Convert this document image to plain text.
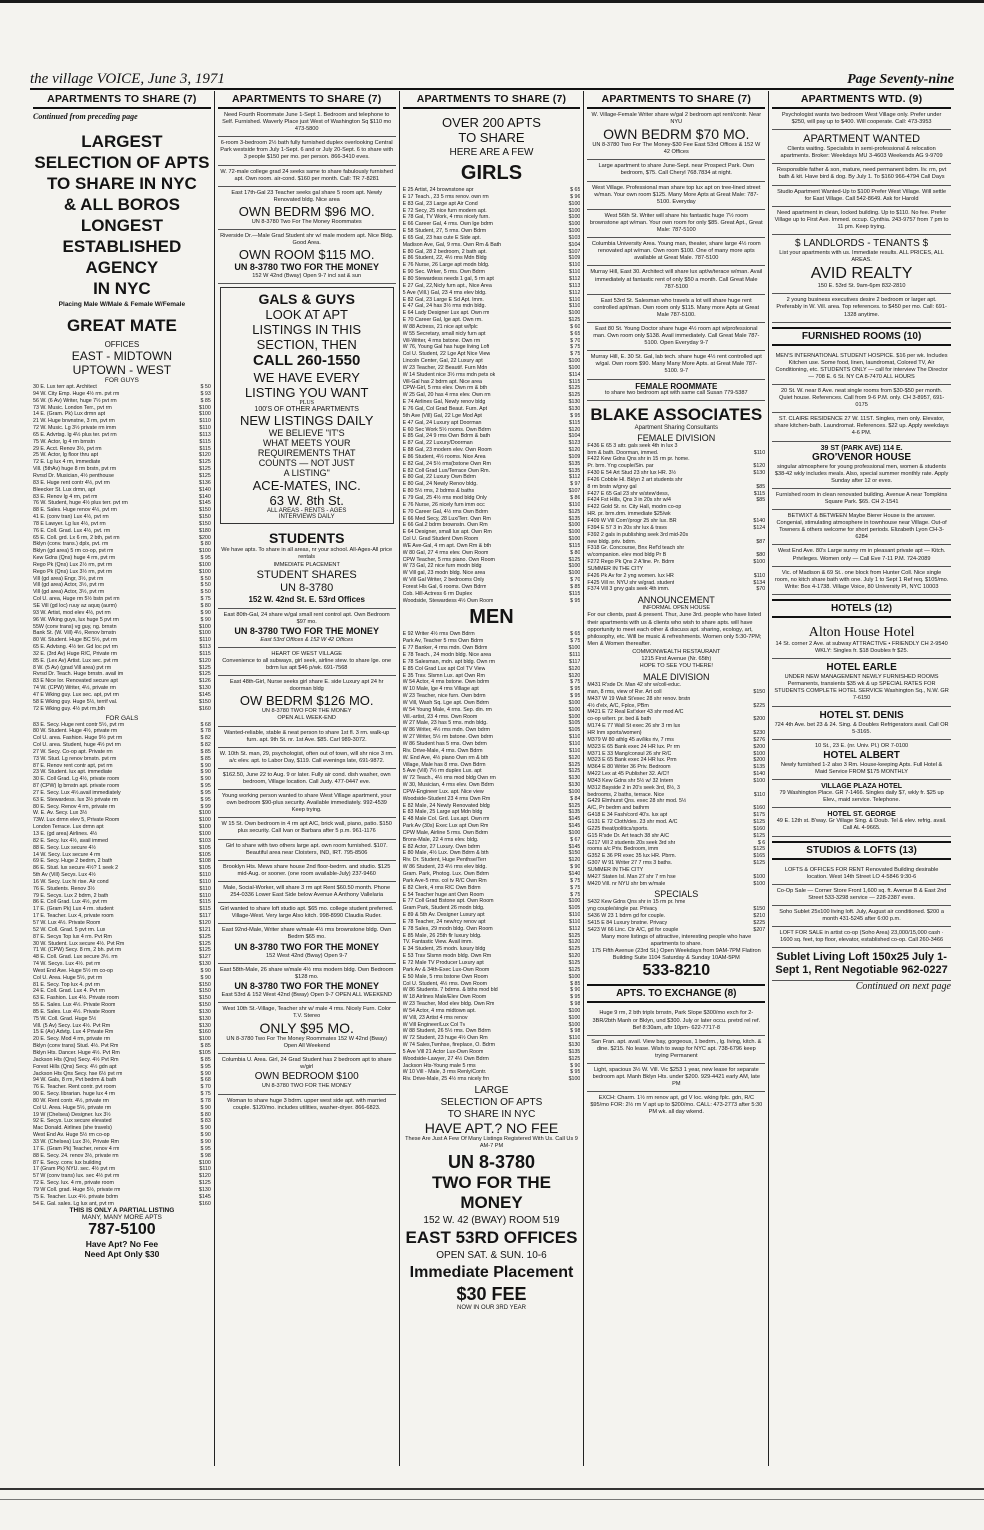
the village VOICE, June 3, 1971	Page Seventy-nine
APARTMENTS TO SHARE (7)
Continued from preceding page
LARGEST
SELECTION OF APTS
TO SHARE IN NYC
& ALL BOROS
LONGEST
ESTABLISHED AGENCY
IN NYC
Placing Male W/Male & Female W/Female
GREAT MATE
OFFICES
EAST - MIDTOWN
UPTOWN - WEST
FOR GUYS
30 E. Lux terr apt. Architect	$ 50
94 W. City Emp. Huge 4½ rm. pvt rm	$ 93
56 W. (6 Av) Writer, huge 7½ pvt rm	$ 85
73 W. Music. London Terr., pvt rm	$100
14 E. (Gram. Pk) Lux drmn apt	$100
21 W. Huge brwnstne, 3 rm, pvt rm	$110
72 W. Music. Lg 3½ private rm imm	$110
65 E. Advrtsg. lg 4½ plus ter. pvt rm	$113
75 W. Actor, lg 4 rm brnstn	$115
29 E. Acct. Renov 3½, pvt rm	$115
25 W. Actor, lg floor thru apt	$120
72 E. Lg lux 4 rm, immediate	$125
Vill. (5thAv) huge 8 rm brstn, pvt rm	$125
Rvrsd Dr. Musician, 4½ penthouse	$125
83 E. Huge rent contr 4½, pvt rm	$136
Bleecker St. Lux drmn, apt	$140
83 E. Renov lg 4 rm, pvt rm	$140
76 W. Student, huge 4½ plus terr. pvt rm	$145
88 E. Sales. Huge renov 4½, pvt rm	$150
41 E. (conv tran) Lux 4½, pvt rm	$150
78 E Lawyer. Lg lux 4½, pvt rm	$150
76 E. Coll. Grad. Lux 4½, pvt. rm	$180
65 E. Coll. grd. Lx 6 rm, 2 bth, pvt rm	$200
Bklyn (conv. trans.) dplx, pvt. rm	$ 80
Bklyn (gd area) 5 rm co-op, pvt rm	$100
Kew Gdns (Qns) huge 4 rm, pvt rm	$ 95
Rego Pk (Qns) Lux 2½ rm, pvt rm	$100
Rego Pk (Qns) Lux 3½ rm, pvt rm	$100
Vill (gd area) Engr, 3½, pvt rm	$ 50
Vill (gd area) Actor, 3½, pvt rm	$ 50
Vill (gd area) Actor, 3½, pvt rm	$ 50
Col U. area, Huge rm 5½ bstn pvt rm	$ 75
SE Vill (gd loc) ruuy az aquq (aurm)	$ 80
93 W. Artist, mod elev 4½, pvt rm	$ 90
96 W. Wking guys, lux huge 5 pvt rm	$ 90
55W (conv trans) vg guy, ng. brnstn	$100
Bank St. (W. Vill) 4½, Renov brnstn	$100
80 W. Student. Huge BC 5½, pvt rm	$110
65 E. Advtsng. 4½ ter. Gd loc pvt rm	$113
32 E. (3rd Av) Huge R/C, Private rm	$115
85 E. (Lex Av) Artist. Lux sec. pvt rm	$120
8 W. (5 Av) (grad Vill area) pvt rm	$125
Rvrsd Dr. Teach. Huge brnstn. avail im	$125
83 E Nice lor. Renovated secure apt	$126
74 W. (CPW) Writer, 4½, private rm	$130
47 E Wking guy. Lux sec. apt, pvt rm	$145
58 E Wking guy. Huge 5½, terrif val.	$150
72 E Wking guy. 4½ pvt rm,bth	$160
FOR GALS
83 E. Secy. Huge rent contr 5½, pvt rm	$ 68
80 W. Student. Huge 4½, private rm	$ 78
Col U. area. Fashion. Huge 9½ pvt rm	$ 82
Col U. area. Student, huge 4½ pvt rm	$ 82
27 W. Secy. Co-op apt. Private rm	$ 85
73 W. Stud. Lg renov brnstn. pvt rm	$ 85
87 E. Renov rent contr apt, pvt rm	$ 90
23 W. Student. lux apt. immediate	$ 90
30 E. Coll Grad. Lg 4½, private room	$ 90
87 (CPW) lg brnstn apt. private room	$ 95
27 E. Secy. Lux 4½.avail immediately	$ 95
63 E. Stewardess. lux 3½ private rm	$ 95
80 E. Secy. Renov 4 rm, private rm	$ 99
W. E. Av. Secy. Lux 3½	$100
73W. Lux drmn elev 5, Private Room	$100
London Terrace. Lux drmn apt	$100
13 E. (gd area) Airlines. 4½	$100
82 E. Secy. lux 4½, avail immed	$103
88 E. Secy. Lux secure 4½	$105
14 W. Secy. Lux secure 4 rm	$105
69 E. Secy. Huge 2 bedrm, 2 bath	$108
86 E. Stud. lux secure 4½? 1 seek 2	$105
5th Av (Vill) Secys. Lux 4½	$110
16 W. Secy. Lux hi rise. Air cond	$110
76 E. Students. Renov 3½	$110
79 E. Secys. Lux 2 bdrm, 2 bath	$110
86 E. Coll Grad. Lux 4½, pvt rm	$115
17 E. (Gram Pk) Lux 4 rm. student	$115
17 E. Teacher. Lux 4, private room	$117
57 W. Lux 4½. Private Room	$120
52 W. Coll. Grad. 5 pvt rm. Lux	$121
87 E. Secys Top lux 4 rm. Pvt Rm	$125
30 W. Student. Lux secure 4½. Pvt Rm	$125
71 W. (CPW) Secy. 8 rm, 2 bh. pvt rm	$125
48 E. Coll. Grad. Lux secure 3½. rm	$127
74 W. Secys. Lux 4½. pvt rm	$130
West End Ave. Huge 5½ rm co-op	$ 90
Col U. Area. Huge 5½, pvt rm	$ 90
81 E. Secy. Top lux 4. pvt rm	$150
24 E. Coll. Grad. Lux 4. Pvt rm	$150
63 E. Fashion. Lux 4½. Private room	$150
55 E. Sales. Lux 4½. Private Room	$150
85 E. Sales. Lux 4½. Private Room	$130
75 W. Coll. Grad. Huge 5½	$130
Vill. (5 Av) Secy. Lux 4½. Pvt Rm	$130
15 E (Av) Advtg. Lux 4 Private Rm	$160
20 E. Secy. Mod 4 rm, private rm	$100
Bklyn (conv trans) Stud. 4½. Pvt Rm	$ 85
Bklyn Hts. Dancer. Huge 4½. Pvt Rm	$105
Jackson Hts (Qns) Secy. 4½ Pvt Rm	$ 85
Forest Hills (Qns) Secy. 4½ gdn apt	$ 95
Jackson Hts Qns Secy. hse 6½ pvt rm	$ 90
94 W. Gals, 8 rm, Pvt bedrm & bath	$ 68
76 E. Teacher. Rent contr. pvt room	$ 70
90 E. Secy. librarian. huge lux 4 rm	$ 75
80 W. Rent contr. 4½, private rm	$ 78
Col U. Area. Huge 5½, private rm	$ 90
19 W (Chelsea) Designer. lux 3½	$ 80
92 E. Secys. Lux secure elevated	$ 83
Mac Donald. Airlines (she travels)	$ 90
West End Av. Huge 5½ rm co-op	$ 90
33 W. (Chelsea) Lux 3½, Private Rm	$ 90
17 E. (Gram Pk) Teacher, renov 4 rm	$ 95
88 E. Secy. 24. renov 3½, private rm	$ 98
87 E. Secy. conv. lux building	$100
17 (Gram Pk) NYU. sec. 4½ pvt rm	$110
57 W (conv trans) lux. sec 4½ pvt rm	$120
72 E. Secy. lux. 4 rm, private room	$125
79 W Coll. grad. Huge 5½, private rm	$130
75 E. Teacher. Lux 4½. private bdrm	$145
54 E. Gal. sales. Lg lux ant, pvt rm	$160
THIS IS ONLY A PARTIAL LISTING
MANY, MANY MORE APTS
787-5100
Have Apt? No Fee
Need Apt Only $30
APARTMENTS TO SHARE (7)
Need Fourth Roommate June 1-Sept 1. Bedroom and telephone to Self. Furnished. Waverly Place just West of Washington Sq $110 mo 473-5800
6-room 3-bedroom 2½ bath fully furnished duplex overlooking Central Park westside from July 1-Sept. 6 and or July 20-Sept. 6 to share with 3 people $150 per mo. per person. 866-3410 eves.
W. 72-male college grad 24 seeks same to share fabulously furnished apt. Own room. air-cond. $160 per month. Call: TR 7-8281
East 17th-Gal 23 Teacher seeks gal share 5 room apt. Newly Renovated bldg. Nice area
OWN BEDRM $96 MO.
UN 8-3780 Two For The Money Roommates
Riverside Dr.—Male Grad Student shr w/ male modern apt. Nice Bldg. Good Area.
OWN ROOM $115 MO.
UN 8-3780 TWO FOR THE MONEY
152 W 42nd (Bway) Open 9-7 incl sat & sun
GALS & GUYS
LOOK AT APT
LISTINGS IN THIS
SECTION, THEN
CALL 260-1550
WE HAVE EVERY
LISTING YOU WANT
PLUS
100'S OF OTHER APARTMENTS
NEW LISTINGS DAILY
WE BELIEVE "IT'S
WHAT MEETS YOUR
REQUIREMENTS THAT
COUNTS — NOT JUST
A LISTING"
ACE-MATES, INC.
63 W. 8th St.
ALL AREAS - RENTS - AGES
INTERVIEWS DAILY
STUDENTS
We have apts. To share in all areas, nr your school. All-Ages-All price rentals
IMMEDIATE PLACEMENT
STUDENT SHARES
UN 8-3780
152 W. 42nd St. E. 53rd Offices
East 80th-Gal, 24 share w/gal small rent control apt. Own Bedroom $97 mo.
UN 8-3780 TWO FOR THE MONEY
East 53rd Offices & 152 W 42 Offices
HEART OF WEST VILLAGE
Convenience to all subways, girl seek, airline stew. to share lge. one bdrm lux apt $46 p/wk. 691-7568
East 48th-Girl, Nurse seeks girl share E. side Luxury apt 24 hr doorman bldg
OW BEDRM $126 MO.
UN 8-3780 TWO FOR THE MONEY
OPEN ALL WEEK-END
Wanted-reliable, stable & neat person to share 1st fl. 3 rm. walk-up furn. apt. 9th St. nr. 1st Ave. $85. Carl 989-3072.
W. 10th St. man, 29, psychologist, often out of town, will shr nice 3 rm. a/c elev. apt. to Labor Day, $119. Call evenings late, 691-9872.
$162.50, June 22 to Aug. 9 or later. Fully air cond. dish washer, own bedroom, Village location. Call Judy. 477-0447 eve.
Young working person wanted to share West Village apartment, your own bedroom $90-plus security. Available immediately. 992-4539 Keep trying.
W 15 St. Own bedroom in 4 rm apt A/C, brick wall, piano, patio. $150 plus security. Call Ivan or Barbara after 5 p.m. 961-1176
Girl to share with two others large apt. own room furnished. $107. Beautiful area near Cloisters, IND, IRT. 795-8506
Brooklyn Hts. Mews share house 2nd floor-bedrm. and studio. $125 mid-Aug. or sooner. (one room available-July) 237-9460
Male, Social-Worker, will share 3 rm apt Rent $60.50 month. Phone 254-0336 Lower East Side below Avenue A Anthony Vallelaria
Girl wanted to share loft studio apt. $65 mo. college student preferred. Village-West. Very large Also kitch. 998-8990 Claudia Ruder.
East 92nd-Male, Writer share w/male 4½ rms brownstone bldg. Own Bedrm $65 mo.
UN 8-3780 TWO FOR THE MONEY
152 West 42nd (Bway) Open 9-7
East 58th-Male, 26 share w/male 4½ rms modern bldg. Own Bedroom $128 mo.
UN 8-3780 TWO FOR THE MONEY
East 53rd & 152 West 42nd (Bway) Open 9-7 OPEN ALL WEEKEND
West 10th St.-Village, Teacher shr w/ male 4 rms. Nicely Furn. Color T.V. Stereo
ONLY $95 MO.
UN 8-3780 Two For The Money Roommates 152 W 42nd (Bway) Open All Weekend
Columbia U. Area. Girl, 24 Grad Student has 2 bedroom apt to share w/girl
OWN BEDROOM $100
UN 8-3780 TWO FOR THE MONEY
Woman to share huge 3 bdrm. upper west side apt. with married couple. $120/mo. includes utilities, washer-dryer. 866-6823.
APARTMENTS TO SHARE (7)
OVER 200 APTS
TO SHARE
HERE ARE A FEW
GIRLS
E 25 Artist, 24 brownstone apr	$ 65
E 17 Teach., 23 5 rms renov. own rm	$ 96
E 83 Gal, 23 Large apt Air Cond	$100
E 72 Secy, 25 nice furn modern apt.	$100
E 78 Gal, TV Work, 4 rms nicely furn.	$100
E 66 Career Gal, 4 rms. Own lge bdrm	$100
E 58 Student, 27, 5 rms. Own Bdrm	$100
E 65 Gal, 23 has cute E Side apt.	$103
Madison Ave, Gal, 9 rms. Own Rm & Bath	$104
E 80 Gal, 28 2 bedroom, 2 bath apt.	$107
E 86 Student, 22, 4½ rms Mdn Bldg	$109
E 76 Nurse, 26 Large apt modn bldg.	$110
E 90 Sec. Wrker, 5 rms. Own Bdrm	$110
E 80 Stewardess needs 1 gal, 5 rm apt	$112
E 27 Gal, 22,Nicly furn apt., Nice Area	$113
5 Ave (Vill.) Gal, 23 4 rms elev bldg.	$112
E 82 Gal, 23 Large E Sd Apt. Imm.	$110
E 47 Gal, 24 has 3½ rms mdn bldg.	$110
E 64 Lady Designer Lux apt. Own rm	$100
E 70 Career Gal, lge apt. Own rm.	$125
W 88 Actress, 21 nice apt w/fplc	$ 60
W 55 Secretary, small nicly furn apt	$ 65
Vill-Writer, 4 rms bstone. Own rm	$ 70
W 76, Young Gal has huge living Loft	$ 75
Col U. Student, 22 Lge Apt Nice View	$ 75
Lincoln Center, Gal, 22 Luxury apt	$100
W 23 Teacher, 22 Beautif. Furn Mdn	$100
W 14 Student nice 3½ rms mdn pets ok	$114
Vill-Gal has 2 bdrm apt. Nice area	$115
CPW-Girl, 5 rms elev. Own rm & bth	$125
W 25 Gal, 20 has 4 rms elev. Own rm	$125
E 74 Airlines Gal, Newly renov bldg	$130
E 76 Gal, Col Grad Beaut. Furn. Apt	$130
5th Ave (Vill) Gal, 22 Lge Mod Apt	$ 95
E 47 Gal, 24 Luxury apt Doorman	$115
E 60 Sec Work 5½ rooms. Own Bdrm	$120
E 85 Gal, 24 9 rms Own Bdrm & bath	$104
E 87 Gal, 22 Luxury/Doorman	$123
E 88 Gal, 23 modern elev. Own Room	$120
E 86 Student, 4½ rooms. Nice Area	$109
E 82 Gal, 24 5½ rms(bstone Own Rm	$135
E 82 Coll Grad Lux/Terrace Own Rm.	$135
E 80 Gal, 22 Luxury Own Bdrm	$112
E 80 Gal, 24 Newly Renov bldg.	$ 97
E 80 5½ rms, 2 bdrms & baths	$107
E 79 Gal, 25 4½ rms mod bldg Only	$ 86
E 76 Nurse, 26 nicely furn imm occ	$110
E 70 Career Gal, 4½ rms Own Bdrm	$125
E 66 Med Secy, 28 Lux/Terr. Own Rm	$135
E 66 Gal.2 bdrm brownstn. Own Rm	$100
E 64 Designer, small lux apt. Own Rm	$100
Col U. Grad Student Own Room	$100
WE Ave-Gal, 4 rm apt. Own Rm & bth	$115
W 80 Gal, 27 4 rms elev. Own Room	$ 80
CPW Teacher, 5 rms piano. Own Room	$125
W 73 Gal, 22 nice furn modn bldg	$100
W Vill gal, 23 modn bldg. Nice area	$100
W Vill Gal Writer, 2 bedrooms Only	$ 70
Forest Hls Gal, 6 rooms. Own Bdrm	$ 85
Cob. Hill-Actress 6 rm Duplex	$115
Woodside, Stewardess 4½ Own Room	$ 95
MEN
E 92 Writer 4½ rms Own Bdrm	$ 65
Park Av, Teacher 5 rms Own Bdrm	$ 75
E 77 Banker, 4 rms mdn. Own Bdrm	$100
E 78 Teach., 24 modn bldg. Nice area	$111
E 78 Salesman, mdn. apt bldg. Own rm	$117
E 85 Col Grad Lux apt Col TV View	$120
E 35 Trav. Slsmn Lux. apt Own Rm	$120
W 54 Actor, 4 rms bstone. Own bdrm	$ 75
W 10 Male, lge 4 rms Village apt	$ 95
W 23 Teacher, nice furn. Own bdrm	$ 95
W Vill, Wash Sq. Lge apt. Own Bdrm	$100
W 54 Young Male, 4 rms. Sep. din. rm	$100
Vill.-artist, 23 4 rms. Own Room	$100
W 27 Male, 23 has 5 rms. mdn bldg.	$105
W 86 Writer, 4½ rms mdn. Own bdrm	$105
W 27 Writer, 5½ rm bstone. Own bdrm	$110
W 86 Student has 5 rms. Own bdrm	$110
Riv. Drive-Male, 4 rms. Own Bdrm	$110
W. End Ave, 4½ piano Own rm & bth	$120
Village, Male has 8 rms. Own Bdrm	$125
5 Ave (Vill) 7½ rm duplex Lux. apt	$125
W 72 Teach., 4½ rms mod bldg Own rm	$130
W 30, Musician, 4 rms elev. Own Bdrm	$130
CPW-Engineer Lux. apt. Nice view	$100
Woodside-Student 23 4 rms Own Rm	$ 84
E 82 Male, 24 Newly Renovated bldg	$125
E 83 Male, 25 Large apt Mdn bldg	$135
E 48 Male Col. Grd. Lux.apt. Own rm	$145
Park Av (30s) Exec Lux apt Own Rm	$145
CPW Male, Airline 5 rms. Own Bdrm	$100
Bronx-Male, 22 4 rms elev. bldg.	$ 67
E 82 Actor, 27 Luxury. Own bdrm	$145
E 80 Male, 4½ Lux. Own Bdrm & bth	$150
Riv. Dr. Student, Huge Penthse/Terr	$120
W 86 Student, 23 4½ rms elev bldg.	$ 90
Gram. Park, Photog. Lux. Own Bdrm	$140
Park Ave-5 rms. col tv R/C Own Rm	$ 75
E 82 Clerk, 4 rms R/C Own Bdrm	$ 75
E 54 Teacher huge ant Own Room	$ 75
E 77 Coll Grad Bstone apt. Own Room	$100
Gram Park, Student 26 modn bldg.	$105
E 89 & 5th Av. Designer Luxury apt	$110
E 78 Teacher, 24 new/rcy renov apt	$110
E 78 Sales, 29 modn bldg. Own Room	$112
E 85 Male, 26 25th flr luxury bldg.	$125
TV. Fantastic View. Avail imm.	$120
E 34 Student, 25 modn. luxury bldg	$125
E 53 Trav Slsmn modn bldg. Own Rm	$120
E 72 Male TV Producer Luxury apt	$125
Park Av & 34th-Exec Lux-Own Room	$125
E 50 Male, 5 rms bstone Own Room	$100
Col U. Student, 4½ rms. Own Room	$ 85
W 86 Students. 7 bdrms. & bths mod bld	$ 90
W 18 Airlines Male/Elev Own Room	$ 95
W 23 Teacher, Mod elev bldg. Own Rm	$ 98
W 54 Actor, 4 rms midtown apt.	$100
W Vill, 23 Artist 4 rms renov	$100
W Vill Engineer/Lux Col Tv	$100
W 88 Student, 26 5½ rms. Own Bdrm	$ 98
W 72 Student, 23 huge 4½ Own Rm	$110
W 74 Sales,Twnhse, fireplace, O. Bdrm	$130
5 Ave Vill 21 Actor Lux-Own Room	$135
Woodside-Lawyer, 27 4½ Own Bdrm	$125
Jackson Hts-Young male 5 rms	$ 90
W 10 Vill - Male, 3 rms Renly/Contr.	$ 95
Riv. Drive-Male, 25 4½ rms nicely frn	$100
LARGE
SELECTION OF APTS
TO SHARE IN NYC
HAVE APT.? NO FEE
These Are Just A Few Of Many Listings Registered With Us. Call Us 9 AM-7 PM
UN 8-3780
TWO FOR THE MONEY
152 W. 42 (BWAY) ROOM 519
EAST 53RD OFFICES
OPEN SAT. & SUN. 10-6
Immediate Placement
$30 FEE
NOW IN OUR 3RD YEAR
APARTMENTS TO SHARE (7)
W. Village-Female Writer share w/gal 2 bedroom apt rent/contr. Near NYU
OWN BEDRM $70 MO.
UN 8-3780 Two For The Money-$30 Fee East 53rd Offices & 152 W 42 Offices
Large apartment to share June-Sept. near Prospect Park. Own bedroom, $75. Call Cheryl 768.7834 at night.
West Village. Professional man share top lux apt on tree-lined street w/man. Your own room $125. Many More Apts at Great Male: 787-5100. Everyday
West 56th St. Writer will share his fantastic huge 7½ room brownstone apt w/man. Your own room for only $85. Great Apt., Great Male: 787-5100
Columbia University Area. Young man, theater, share large 4½ room renovated apt w/man. Own room $100. One of many more apts available at Great Male. 787-5100
Murray Hill, East 30. Architect will share lux apt/w/terace w/man. Avail immediately at fantastic rent of only $50 a month. Call Great Male 787-5100
East 53rd St. Salesman who travels a lot will share huge rent controlled apt/man. Own room only $115. Many more Apts at Great Male 787-5100.
East 80 St. Young Doctor share huge 4½ room apt w/professional man. Own room only $138. Avail immediately. Call Great Male 787-5100. Open Everyday 9-7
Murray Hill, E. 30 St. Gal, lab tech. share huge 4½ rent controlled apt w/gal. Own room $90. Many Many More Apts. at Great Male 787-5100. 9-7
FEMALE ROOMMATE
to share two bedroom apt with same call Susan 779-5387
BLAKE ASSOCIATES
Apartment Sharing Consultants
FEMALE DIVISION
F436 E 65 3 attr. gals seek 4th in lux 3
brm & bath. Doorman, immed.	$110
F422 Kew Gdns Qns shr in 15 rm pr. home.
Pr. brm. Yng couple/Sin. par	$120
F430 E 54 Art Stud 23 shr lux HR. 3½	$130
F426 Cobble Hl. Bklyn 2 art students shr
8 rm brstn w/grvy gal	$85
F427 E 65 Gal 23 shr w/stew'dess,	$115
F424 Fst Hills, Qns 3 in 20s shr w/4	$85
F422 Gold St. nr. City Hall, modrn co-op
HR. pr. brm.drm. immediate $25/wk
F409 W Vill Com'/progr 25 shr lux. BR	$140
F394 E 57 3 in 20s shr lux & travs	$124
F392 2 gals in publishing seek 3rd mid-20s
new bldg. priv. bdrm.	$87
F318 Gr. Concourse, Bnx Ref'd teach shr
w/companion. elev mod bldg Pr B	$80
F272 Rego Pk Qns 2 A'line. Pr. Bdrm	$100
SUMMER IN THE CITY
F426 Pk Av for 2 yng women. lux HR	$110
F425 Vill nr. NYU shr w/grad. student	$134
F374 Vill 3 grvy gals seek 4th imm.	$70
ANNOUNCEMENT
INFORMAL OPEN HOUSE
For our clients, past & present. Thur, June 3rd. people who have listed their apartments with us & clients who wish to share apts. will have opportunity to meet each other & discuss apt. sharing, ecology, art, philosophy, etc. Will be music & refreshments. Women only 5:30-7PM; Men & Women thereafter.
COMMONWEALTH RESTAURANT
1215 First Avenue (Nr. 65th)
HOPE TO SEE YOU THERE!
MALE DIVISION
M431 R'sde Dr. Man 42 shr w/coll-educ.
man, 8 rms, view of Rvr. Art coll	$150
M437 W 19 Walt St'exec 28 shr renov. brstn
4½ d'elx, A/C, Fplce, PBm	$225
M421 E 72 Real Est'xker 43 shr mod A/C
co-op w/terr. pr. bed & bath	$200
M174 E 77 Wall St exec 26 shr 3 rm lux
HR Inm sports/women)	$230
M379 W 80 athlg 45 av/liks riv, 7 rms	$276
M323 E 65 Bank exec 24 HR lux. Pr rm	$200
M371 E 33 Mang/consul 26 shr R/C	$100
M323 E 65 Bank exec 24 HR lux. Prm	$200
M364 E 80 Writer 36 Priv. Bedroom	$135
M422 Lex at 45 Publisher 32. A/C!!	$140
M343 Kew Gdns shr 5½ w/ 32 Intern	$100
M312 Bayside 2 in 20's seek 3rd, 8½, 3
bedrooms, 2 baths, terrace. Nice	$110
G429 Elmhurst Qns. exec 28 shr mod. 5½
A/C, Pr bedrm and bathrm	$160
G418 E 34 Fash/cord 40's. lux apt	$175
G131 E 72 Cloth/des. 23 shr mod. A/C	$125
G225 theat/politics/sports.	$160
G15 R'sde Dr. Art teach 38 shr A/C	$125
G217 Vill 2 students 20s seek 3rd shr	$ 6
rooms a/c Priv. Bedroom, imm	$125
G352 E 36 PR exec 35 lux HR. Pbrm.	$165
G307 W 91 Writer 27 7 rms 3 baths.	$125
SUMMER IN THE CITY
M427 Staten Isl. Man 27 shr 7 rm hse	$100
M420 Vill. nr NYU shr bm w/male	$100
SPECIALS
S432 Kew Gdns Qns shr in 15 rm pr. hme
yng couple/single par. Privacy	$150
S436 W 23 1 bdrm gd for couple.	$210
S415 E 84 Luxury bnstne. Privacy	$225
S423 W 66 Linc. Ctr A/C, gd for couple	$207
Many more listings of attractive, interesting people who have apartments to share.
175 Fifth Avenue (23rd St.) Open Weekdays from 9AM-7PM Flatiron Building Suite 1104 Saturday & Sunday 10AM-5PM
533-8210
APTS. TO EXCHANGE (8)
Huge 9 rm, 2 bth triplx brnstn, Park Slope $300/mo exch for 2-3BR/2bth Manh or Bklyn, und $300. July or later occu. pretrd rel ref. Bef 8:30am, aftr 10pm- 622-7717-8
San Fran. apt. avail. View bay, gorgeous, 1 bedrm., lg. living, kitch. & dine. $215. No lease. Wish to swap for NYC apt. 738-6796 keep trying Permanent
Light, spacious 3½ W. Vill. Vic $253 1 year, new lease for separate bedroom apt. Manh Bklyn Hts. under $200. 929-4421 early AM, late PM
EXCH: Charm. 1½ rm renov apt, gd V loc. wking fplc. gdn, R/C $95/mo FOR: 2½ rm V apt up to $200/mo. CALL: 473-2773 after 5:30 PM wk. all day wkend.
APARTMENTS WTD. (9)
Psychologist wants two bedroom West Village only. Prefer under $250, will pay up to $400. Will cooperate. Call: 473-3953
APARTMENT WANTED
Clients waiting. Specialists in semi-professional & relocation apartments. Broker: Weekdays MU 3-4603 Weekends AG 9-9709
Responsible father & son, mature, need permanent bdrm. liv. rm, pvt bath & kit. Have bird & dog. By July 1. To $160 966-4794 Call Days
Studio Apartment Wanted-Up to $100 Prefer West Village. Will settle for East Village. Call 542-8649. Ask for Harold
Need apartment in clean, locked building. Up to $110. No fee. Prefer Village up to First Ave. Immed. occup. Cynthia. 243-9757 from 7 pm to 11 pm. Keep trying.
$ LANDLORDS - TENANTS $
List your apartments with us. Immediate results. ALL PRICES, ALL AREAS.
AVID REALTY
150 E. 53rd St. 9am-6pm 832-2810
2 young business executives desire 2 bedroom or larger apt. Preferably in W. Vill. area. Top references. to $450 per mo. Call: 691-1328 anytime.
FURNISHED ROOMS (10)
MEN'S INTERNATIONAL STUDENT HOSPICE. $16 per wk. Includes Kitchen use. Some food, linen, laundromat, Colored TV, Air Conditioning, etc. STUDENTS ONLY — call for interview The Director — 708 E. 6 St. NY CA 8-7470 ALL HOURS
20 St. W. near 8 Ave. neat single rooms from $30-$50 per month. Quiet house. References. Call from 9-6 P.M. only. CH 3-8957, 691-0175
ST. CLAIRE RESIDENCE 27 W. 11ST. Singles, men only. Elevator, share kitchen-bath. Laundromat. References. $22 up. Apply weekdays 4-6 PM.
39 ST (PARK AVE) 114 E.
GRO'VENOR HOUSE
singular atmosphere for young professional men, women & students $38-42 wkly includes meals. Also, special summer monthly rate. Apply Sunday after 12 or eves.
Furnished room in clean renovated building. Avenue A near Tompkins Square Park. $65. CH 2-1541
BETWIXT & BETWEEN Maybe Bierer House is the answer. Congenial, stimulating atmosphere in townhouse near Village. Out-of Towners & others welcome for short periods. Elizabeth Lyon CH-3-6284
West End Ave. 80's Large sunny rm in pleasant private apt — Kitch. Privileges. Women only — Call Eve 7-11 P.M. 724-2089
Vic. of Madison & 69 St.. one block from Hunter Coll. Nice single room, no kitch share bath with one. July 1 to Sept 1 Ref req. $105/mo. Write: Box 4-1738. Village Voice, 80 University Pl, NYC 10003
HOTELS (12)
Alton House Hotel
14 St. corner 2 Ave. at subway ATTRACTIVE • FRIENDLY CH 2-9540 WKLY: Singles fr. $18 Doubles fr $25.
HOTEL EARLE
UNDER NEW MANAGEMENT NEWLY FURNISHED ROOMS Permanents, transients $35 wk & up SPECIAL RATES FOR STUDENTS COMPLETE HOTEL SERVICE Washington Sq., N.W. GR 7-6150
HOTEL ST. DENIS
724 4th Ave. bet 23 & 24. Sing. & Doubles Refrigerators avail. Call OR 5-3165.
10 St., 23 E. (nr. Univ. Pl.) OR 7-0100
HOTEL ALBERT
Newly furnished 1-2 also 3 Rm. House-keeping Apts. Full Hotel & Maid Service FROM $175 MONTHLY
VILLAGE PLAZA HOTEL
79 Washington Place. GR 7-1466. Singles daily $7, wkly fr. $25 up Elev., maid service. Telephone.
HOTEL ST. GEORGE
49 E. 12th st. B'way. Gr Village Sing. & Doub. Tel & elev. refrig. avail. Call AL 4-9665.
STUDIOS & LOFTS (13)
LOFTS & OFFICES FOR RENT Renovated Building desirable location. West 14th Street LO 4-5846 9:30-6
Co-Op Sale — Corner Store Front 1,600 sq. ft. Avenue B & East 2nd Street 533-3298 service — 228-2387 eves.
Soho Sublet 25x100 living loft. July, August air conditioned. $200 a month 431-5245 after 6:00 p.m.
LOFT FOR SALE in artist co-op (Soho Area) 23,000/15,000 cash · 1600 sq. feet, top floor, elevator, established co-op. Call 260-3466
Sublet Living Loft 150x25 July 1-Sept 1, Rent Negotiable 962-0227
Continued on next page
